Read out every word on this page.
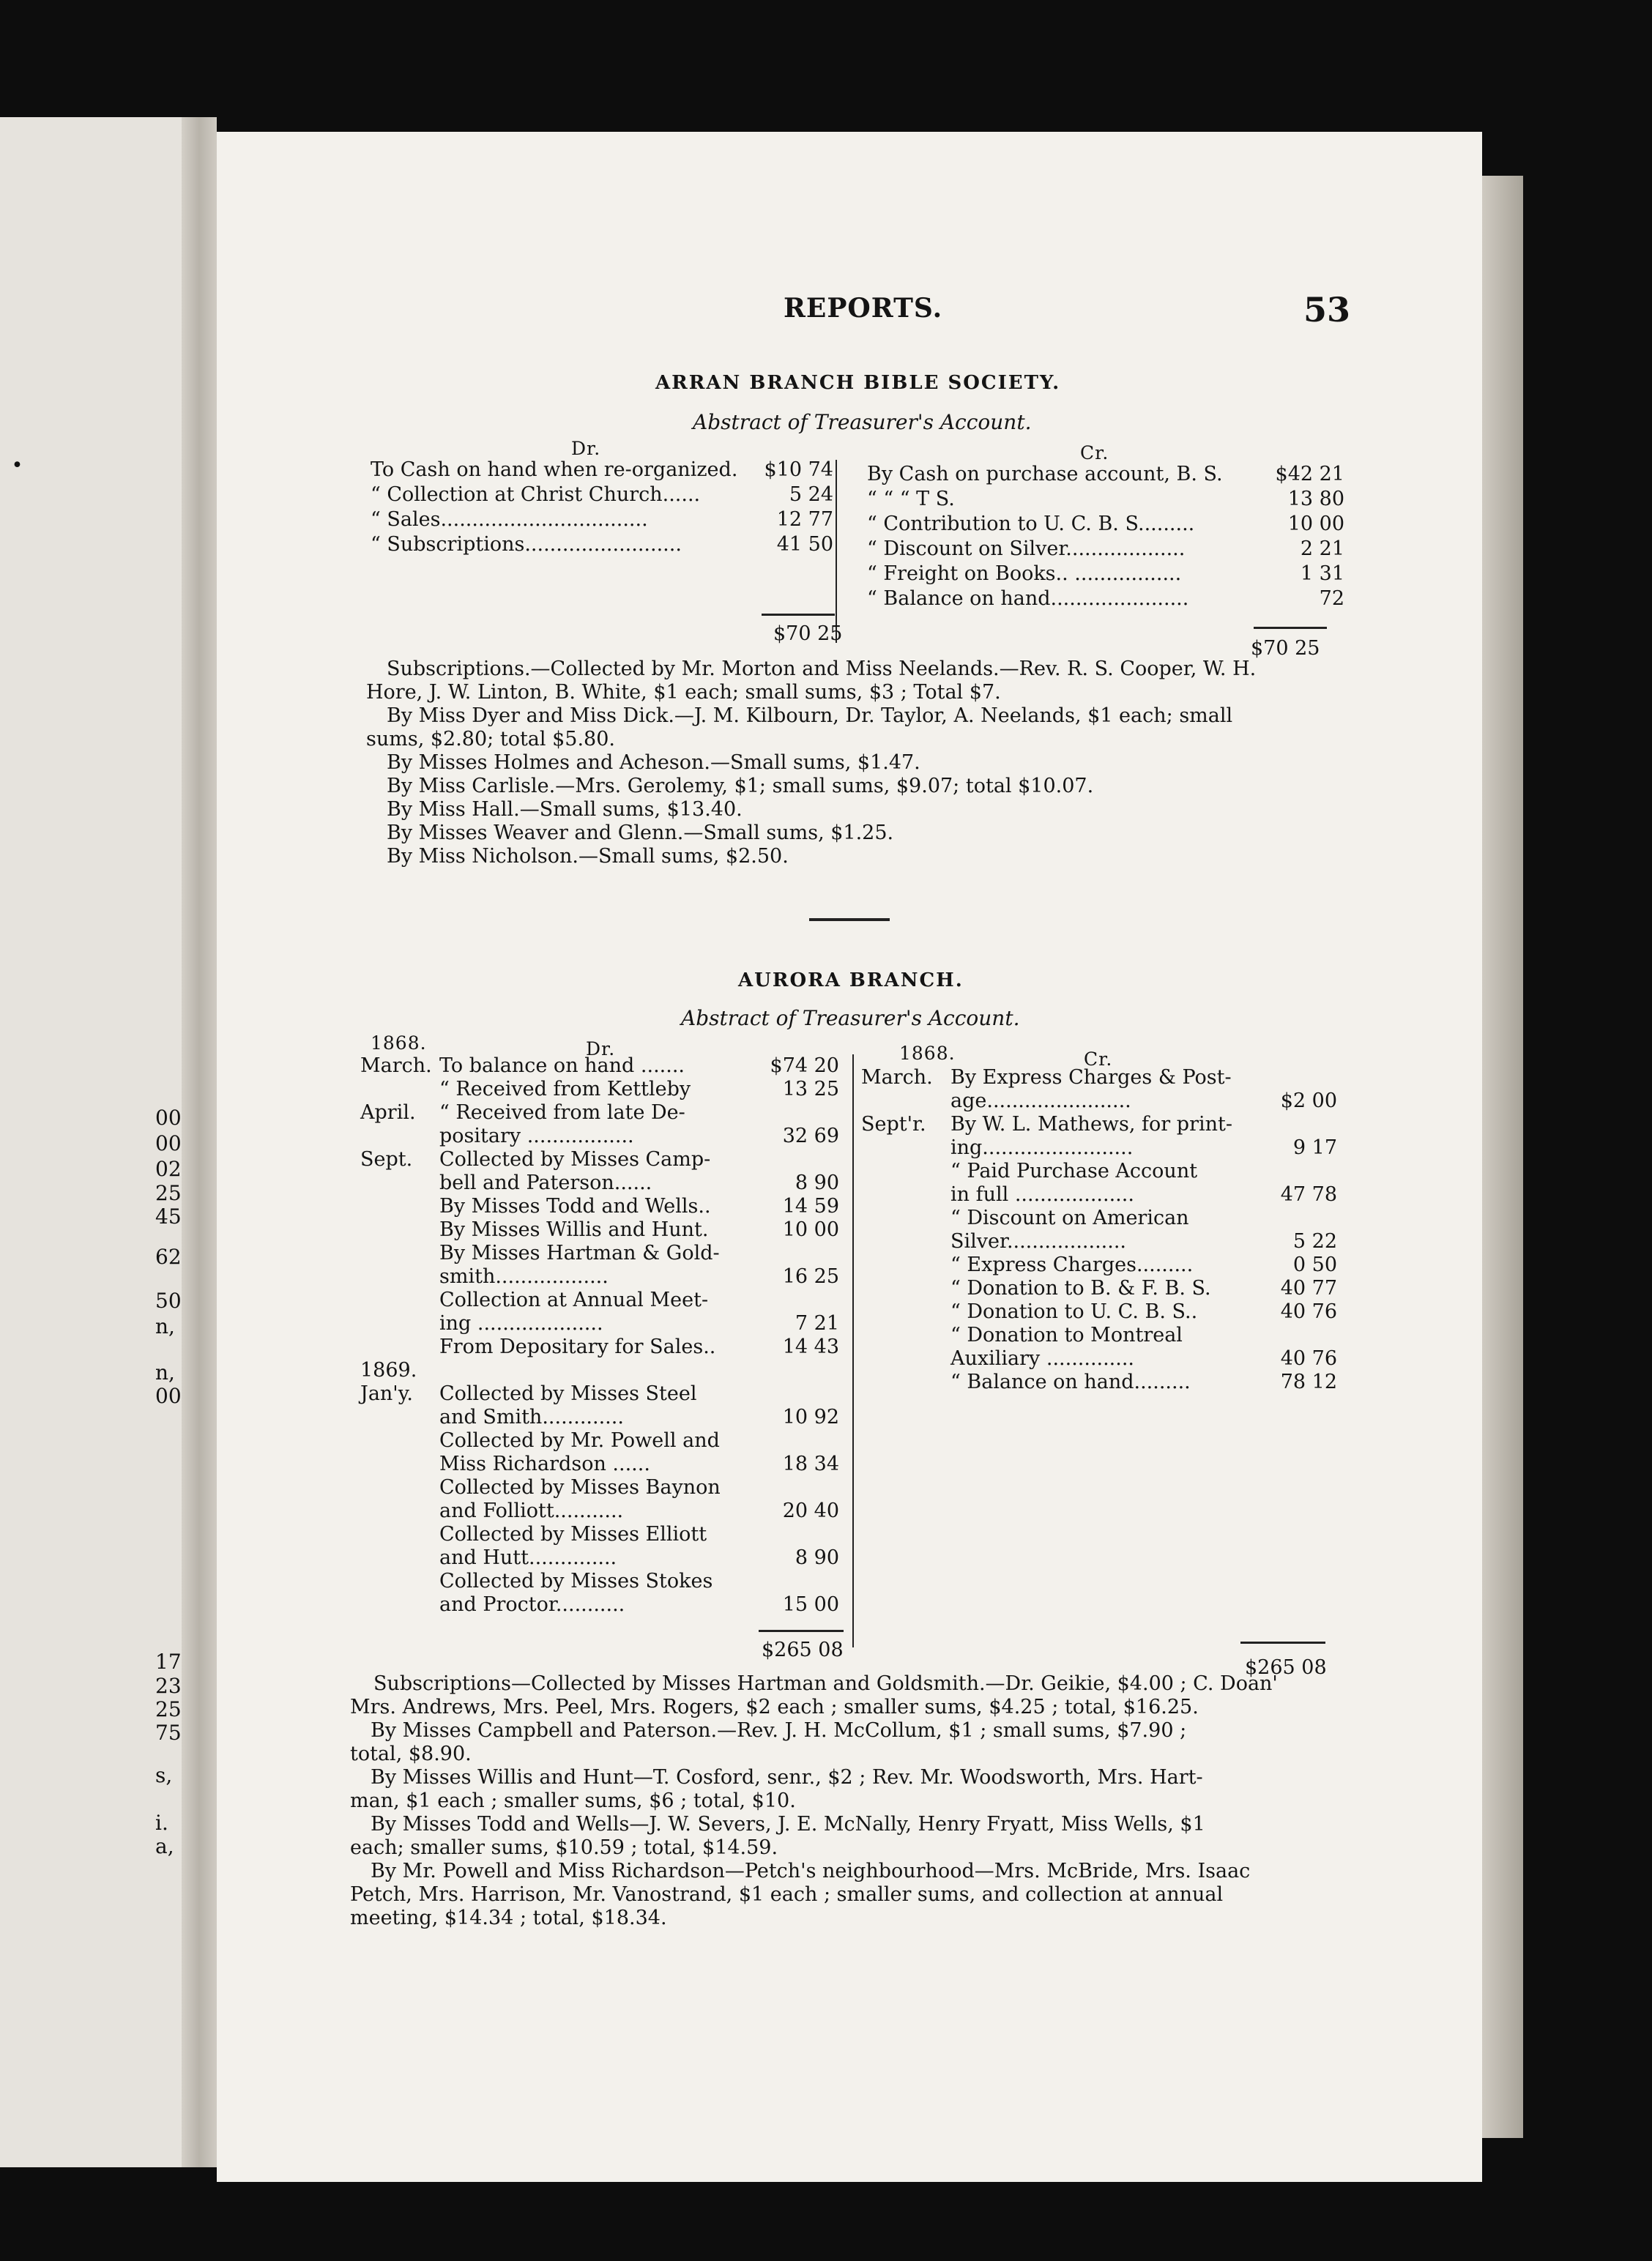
·
00
00
02
25
45
62
50
n,
n,
00
17
23
25
75
s,
i.
a,
REPORTS.	53
ARRAN BRANCH BIBLE SOCIETY.
Abstract of Treasurer's Account.
Dr.	Cr.
To Cash on hand when re-organized.	$10 74
“ Collection at Christ Church......	5 24
“ Sales.................................	12 77
“ Subscriptions.........................	41 50
By Cash on purchase account, B. S.	$42 21
“ “ “ T S.	13 80
“ Contribution to U. C. B. S.........	10 00
“ Discount on Silver...................	2 21
“ Freight on Books.. .................	1 31
“ Balance on hand......................	72
$70 25
$70 25
Subscriptions.—Collected by Mr. Morton and Miss Neelands.—Rev. R. S. Cooper, W. H.
Hore, J. W. Linton, B. White, $1 each; small sums, $3 ; Total $7.
By Miss Dyer and Miss Dick.—J. M. Kilbourn, Dr. Taylor, A. Neelands, $1 each; small
sums, $2.80; total $5.80.
By Misses Holmes and Acheson.—Small sums, $1.47.
By Miss Carlisle.—Mrs. Gerolemy, $1; small sums, $9.07; total $10.07.
By Miss Hall.—Small sums, $13.40.
By Misses Weaver and Glenn.—Small sums, $1.25.
By Miss Nicholson.—Small sums, $2.50.
AURORA BRANCH.
Abstract of Treasurer's Account.
1868.	Dr.	1868.	Cr.
March. To balance on hand .......	$74 20
“ Received from Kettleby	13 25
April. “ Received from late De-
positary .................	32 69
Sept. Collected by Misses Camp-
bell and Paterson......	8 90
By Misses Todd and Wells..	14 59
By Misses Willis and Hunt.	10 00
By Misses Hartman & Gold-
smith..................	16 25
Collection at Annual Meet-
ing ....................	7 21
From Depositary for Sales..	14 43
1869.
Jan'y. Collected by Misses Steel
and Smith.............	10 92
Collected by Mr. Powell and
Miss Richardson ......	18 34
Collected by Misses Baynon
and Folliott...........	20 40
Collected by Misses Elliott
and Hutt..............	8 90
Collected by Misses Stokes
and Proctor...........	15 00
March. By Express Charges & Post-
age.......................	$2 00
Sept'r. By W. L. Mathews, for print-
ing........................	9 17
“ Paid Purchase Account
in full ...................	47 78
“ Discount on American
Silver...................	5 22
“ Express Charges.........	0 50
“ Donation to B. & F. B. S.	40 77
“ Donation to U. C. B. S..	40 76
“ Donation to Montreal
Auxiliary ..............	40 76
“ Balance on hand.........	78 12
$265 08
$265 08
Subscriptions—Collected by Misses Hartman and Goldsmith.—Dr. Geikie, $4.00 ; C. Doan'
Mrs. Andrews, Mrs. Peel, Mrs. Rogers, $2 each ; smaller sums, $4.25 ; total, $16.25.
By Misses Campbell and Paterson.—Rev. J. H. McCollum, $1 ; small sums, $7.90 ;
total, $8.90.
By Misses Willis and Hunt—T. Cosford, senr., $2 ; Rev. Mr. Woodsworth, Mrs. Hart-
man, $1 each ; smaller sums, $6 ; total, $10.
By Misses Todd and Wells—J. W. Severs, J. E. McNally, Henry Fryatt, Miss Wells, $1
each; smaller sums, $10.59 ; total, $14.59.
By Mr. Powell and Miss Richardson—Petch's neighbourhood—Mrs. McBride, Mrs. Isaac
Petch, Mrs. Harrison, Mr. Vanostrand, $1 each ; smaller sums, and collection at annual
meeting, $14.34 ; total, $18.34.
